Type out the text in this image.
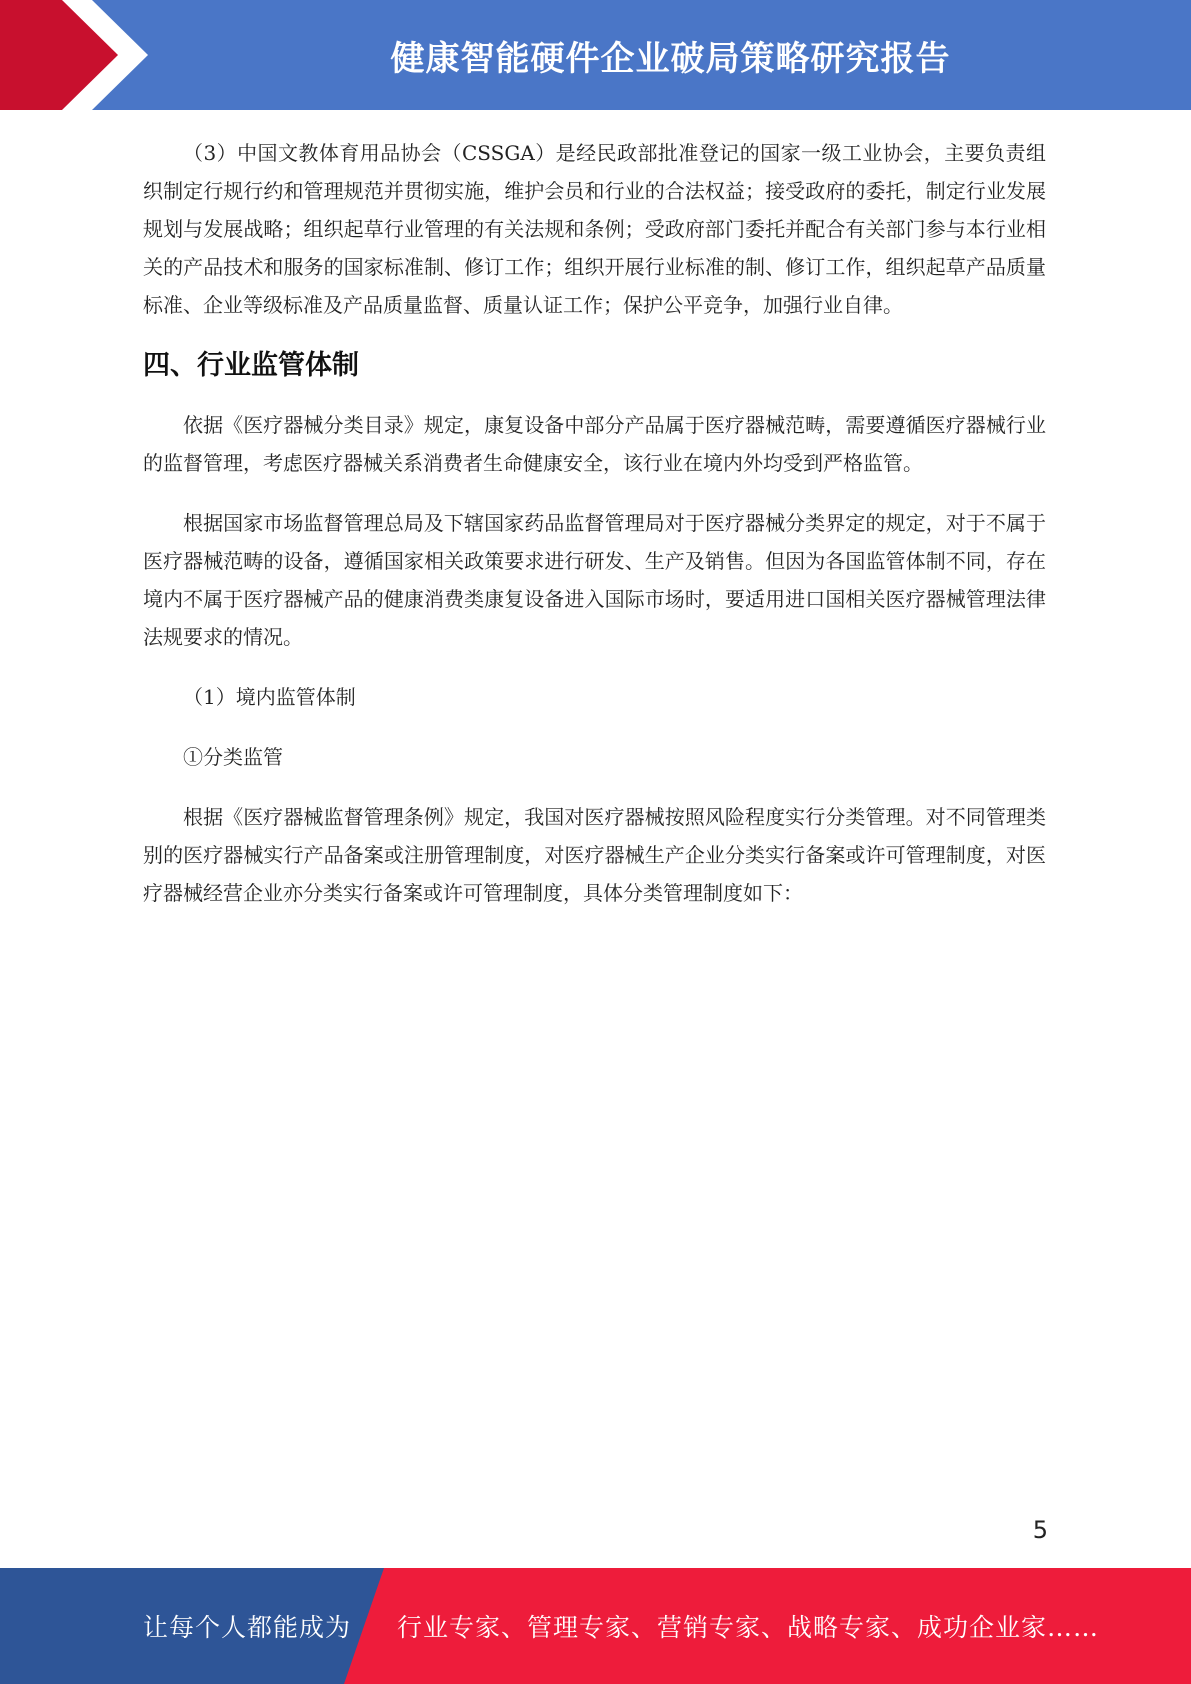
健康智能硬件企业破局策略研究报告

（3）中国文教体育用品协会（CSSGA）是经民政部批准登记的国家一级工业协会，主要负责组织制定行规行约和管理规范并贯彻实施，维护会员和行业的合法权益；接受政府的委托，制定行业发展规划与发展战略；组织起草行业管理的有关法规和条例；受政府部门委托并配合有关部门参与本行业相关的产品技术和服务的国家标准制、修订工作；组织开展行业标准的制、修订工作，组织起草产品质量标准、企业等级标准及产品质量监督、质量认证工作；保护公平竞争，加强行业自律。

四、行业监管体制

依据《医疗器械分类目录》规定，康复设备中部分产品属于医疗器械范畴，需要遵循医疗器械行业的监督管理，考虑医疗器械关系消费者生命健康安全，该行业在境内外均受到严格监管。

根据国家市场监督管理总局及下辖国家药品监督管理局对于医疗器械分类界定的规定，对于不属于医疗器械范畴的设备，遵循国家相关政策要求进行研发、生产及销售。但因为各国监管体制不同，存在境内不属于医疗器械产品的健康消费类康复设备进入国际市场时，要适用进口国相关医疗器械管理法律法规要求的情况。

（1）境内监管体制

①分类监管

根据《医疗器械监督管理条例》规定，我国对医疗器械按照风险程度实行分类管理。对不同管理类别的医疗器械实行产品备案或注册管理制度，对医疗器械生产企业分类实行备案或许可管理制度，对医疗器械经营企业亦分类实行备案或许可管理制度，具体分类管理制度如下：

5
让每个人都能成为 行业专家、管理专家、营销专家、战略专家、成功企业家……
